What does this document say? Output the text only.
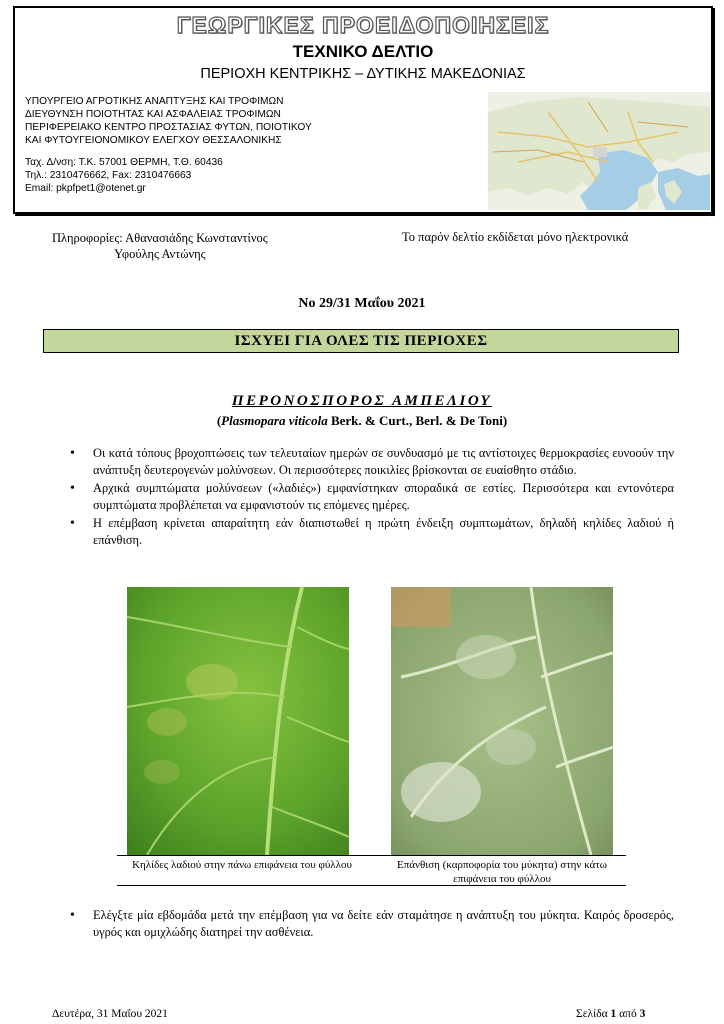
ΓΕΩΡΓΙΚΕΣ ΠΡΟΕΙΔΟΠΟΙΗΣΕΙΣ
ΤΕΧΝΙΚΟ ΔΕΛΤΙΟ
ΠΕΡΙΟΧΗ ΚΕΝΤΡΙΚΗΣ – ΔΥΤΙΚΗΣ ΜΑΚΕΔΟΝΙΑΣ
ΥΠΟΥΡΓΕΙΟ ΑΓΡΟΤΙΚΗΣ ΑΝΑΠΤΥΞΗΣ ΚΑΙ ΤΡΟΦΙΜΩΝ
ΔΙΕΥΘΥΝΣΗ ΠΟΙΟΤΗΤΑΣ ΚΑΙ ΑΣΦΑΛΕΙΑΣ ΤΡΟΦΙΜΩΝ
ΠΕΡΙΦΕΡΕΙΑΚΟ ΚΕΝΤΡΟ ΠΡΟΣΤΑΣΙΑΣ ΦΥΤΩΝ, ΠΟΙΟΤΙΚΟΥ
ΚΑΙ ΦΥΤΟΥΓΕΙΟΝΟΜΙΚΟΥ ΕΛΕΓΧΟΥ ΘΕΣΣΑΛΟΝΙΚΗΣ
Ταχ. Δ/νση: Τ.Κ. 57001 ΘΕΡΜΗ, Τ.Θ. 60436
Τηλ.: 2310476662, Fax: 2310476663
Email: pkpfpet1@otenet.gr
Πληροφορίες: Αθανασιάδης Κωνσταντίνος
Υφούλης Αντώνης
Το παρόν δελτίο εκδίδεται μόνο ηλεκτρονικά
Νο 29/31 Μαΐου 2021
ΙΣΧΥΕΙ ΓΙΑ ΟΛΕΣ ΤΙΣ ΠΕΡΙΟΧΕΣ
ΠΕΡΟΝΟΣΠΟΡΟΣ ΑΜΠΕΛΙΟΥ
(Plasmopara viticola Berk. & Curt., Berl. & De Toni)
• Οι κατά τόπους βροχοπτώσεις των τελευταίων ημερών σε συνδυασμό με τις αντίστοιχες θερμοκρασίες ευνοούν την ανάπτυξη δευτερογενών μολύνσεων. Οι περισσότερες ποικιλίες βρίσκονται σε ευαίσθητο στάδιο.
• Αρχικά συμπτώματα μολύνσεων («λαδιές») εμφανίστηκαν σποραδικά σε εστίες. Περισσότερα και εντονότερα συμπτώματα προβλέπεται να εμφανιστούν τις επόμενες ημέρες.
• Η επέμβαση κρίνεται απαραίτητη εάν διαπιστωθεί η πρώτη ένδειξη συμπτωμάτων, δηλαδή κηλίδες λαδιού ή επάνθιση.
Κηλίδες λαδιού στην πάνω επιφάνεια του φύλλου	Επάνθιση (καρποφορία του μύκητα) στην κάτω
επιφάνεια του φύλλου
• Ελέγξτε μία εβδομάδα μετά την επέμβαση για να δείτε εάν σταμάτησε η ανάπτυξη του μύκητα. Καιρός δροσερός, υγρός και ομιχλώδης διατηρεί την ασθένεια.
Δευτέρα, 31 Μαΐου 2021	Σελίδα 1 από 3
